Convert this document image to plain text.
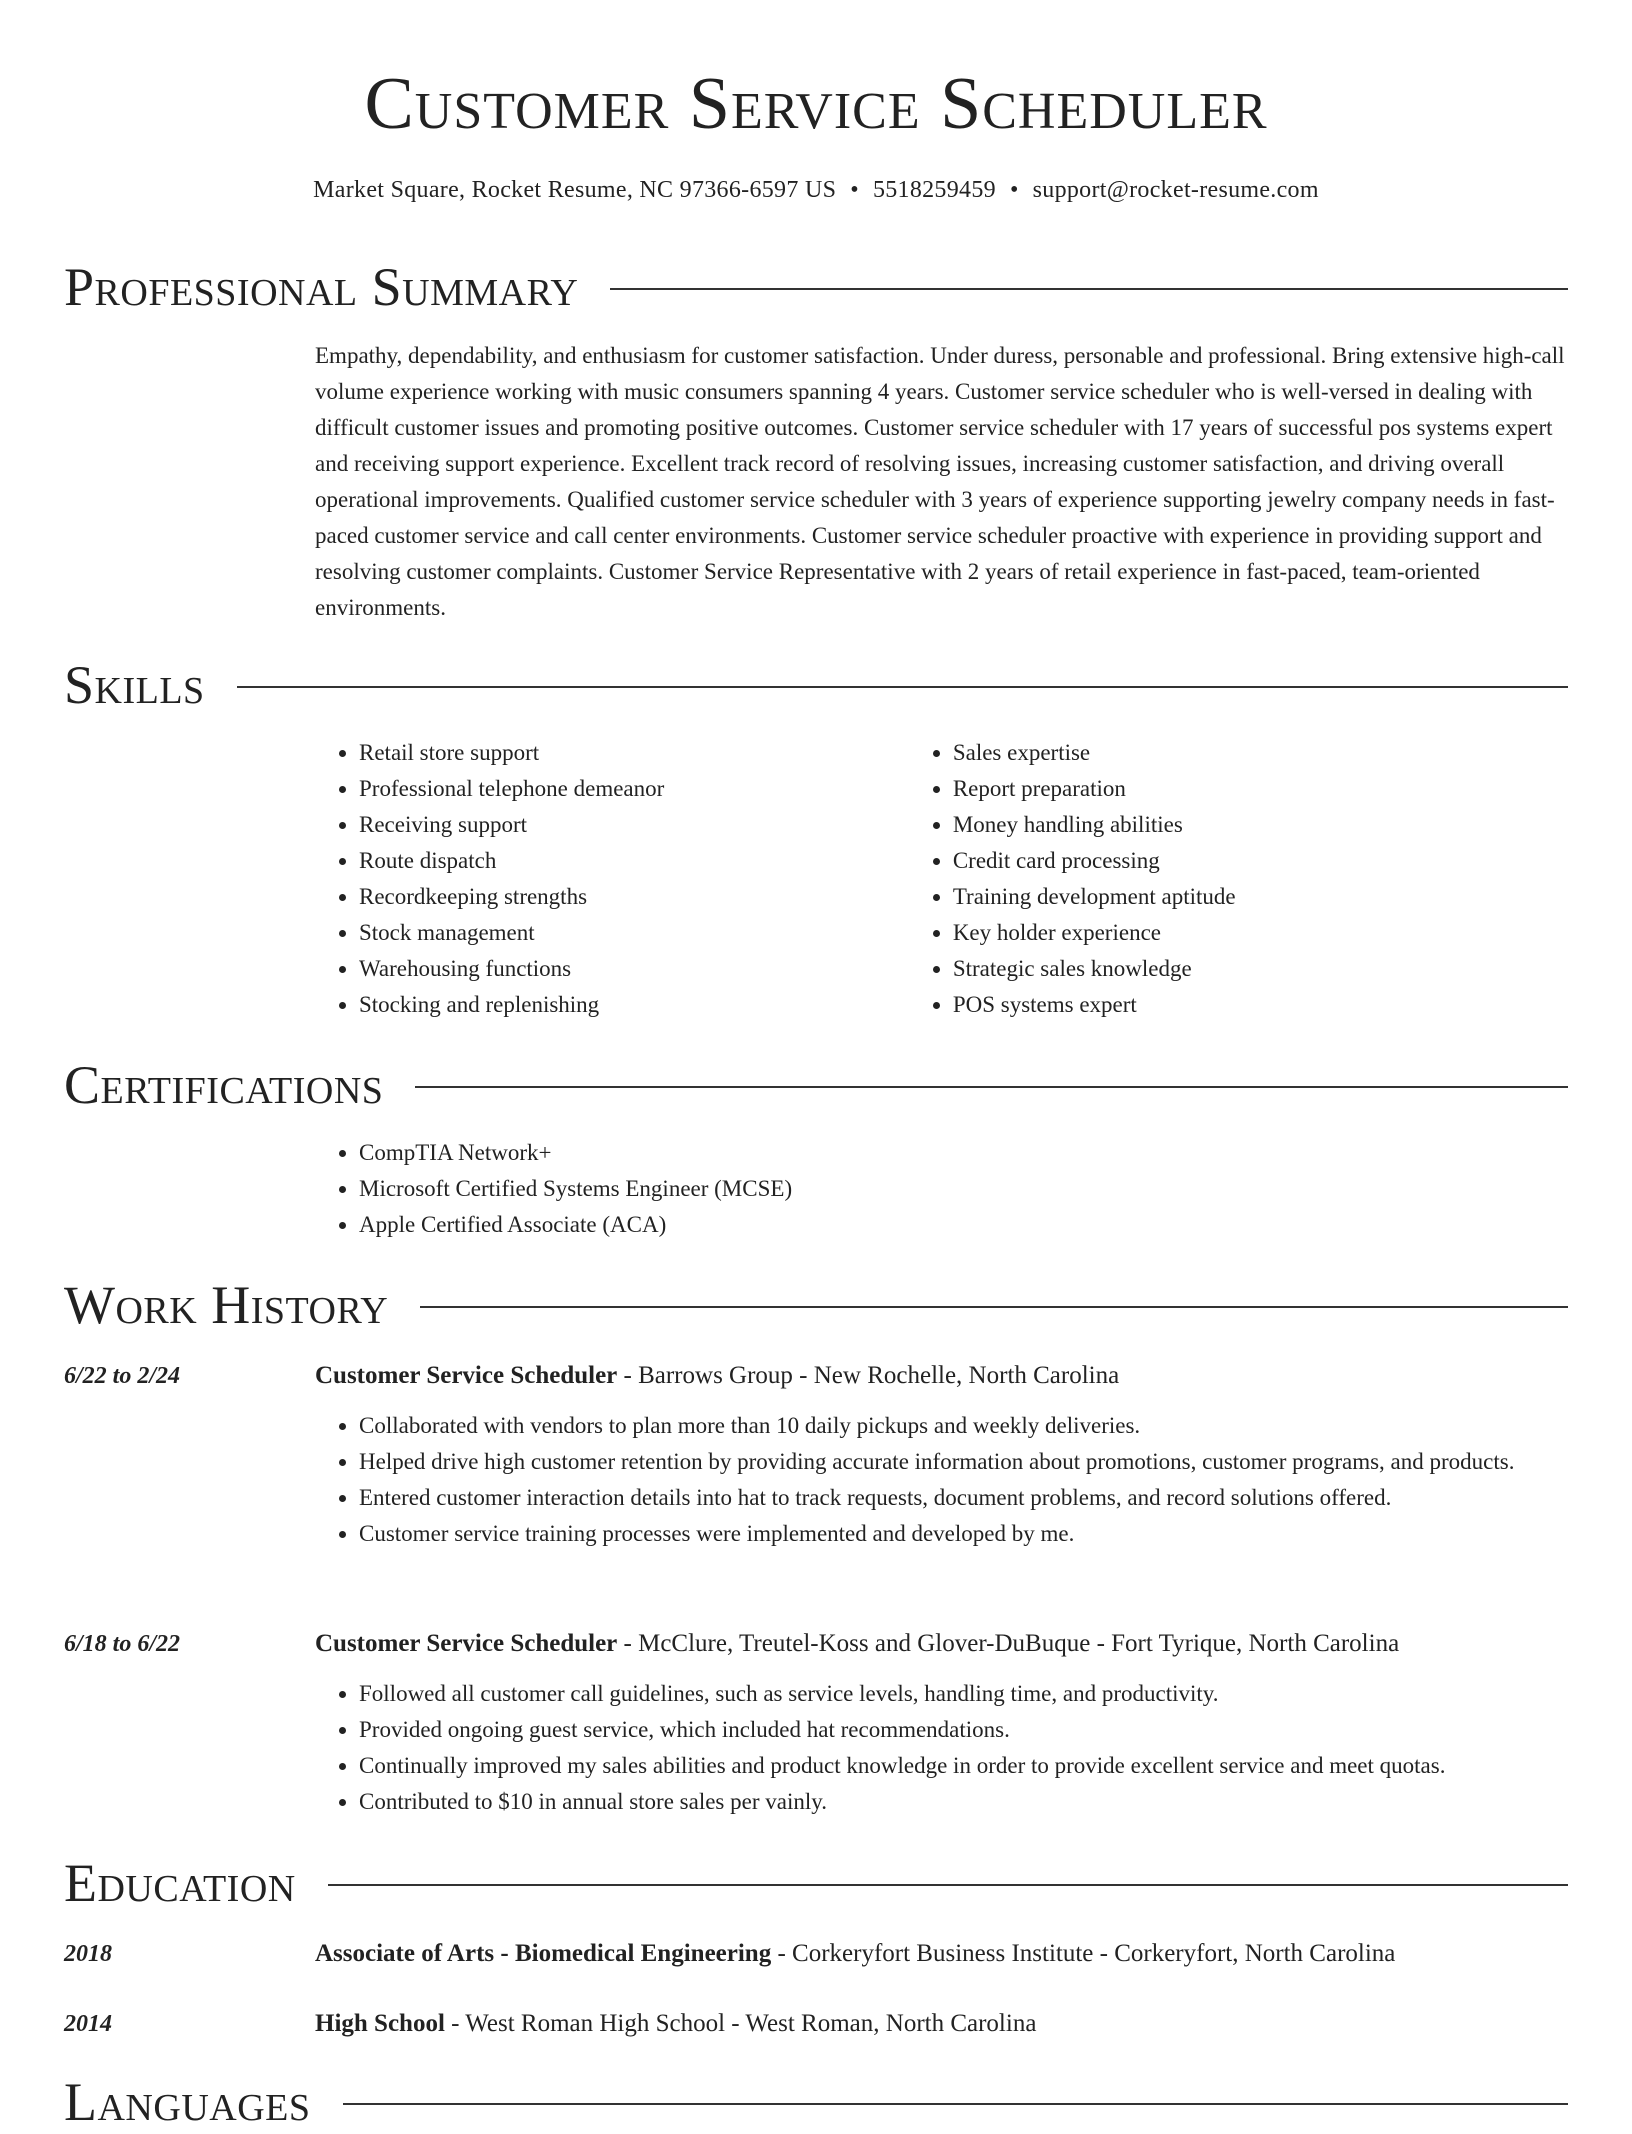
Customer Service Scheduler
Market Square, Rocket Resume, NC 97366-6597 US • 5518259459 • support@rocket-resume.com
Professional Summary

Empathy, dependability, and enthusiasm for customer satisfaction. Under duress, personable and professional. Bring extensive high-call volume experience working with music consumers spanning 4 years. Customer service scheduler who is well-versed in dealing with difficult customer issues and promoting positive outcomes. Customer service scheduler with 17 years of successful pos systems expert and receiving support experience. Excellent track record of resolving issues, increasing customer satisfaction, and driving overall operational improvements. Qualified customer service scheduler with 3 years of experience supporting jewelry company needs in fast-paced customer service and call center environments. Customer service scheduler proactive with experience in providing support and resolving customer complaints. Customer Service Representative with 2 years of retail experience in fast-paced, team-oriented environments.

Skills
• Retail store support
• Professional telephone demeanor
• Receiving support
• Route dispatch
• Recordkeeping strengths
• Stock management
• Warehousing functions
• Stocking and replenishing
• Sales expertise
• Report preparation
• Money handling abilities
• Credit card processing
• Training development aptitude
• Key holder experience
• Strategic sales knowledge
• POS systems expert
Certifications
• CompTIA Network+
• Microsoft Certified Systems Engineer (MCSE)
• Apple Certified Associate (ACA)
Work History
6/22 to 2/24	Customer Service Scheduler - Barrows Group - New Rochelle, North Carolina

• Collaborated with vendors to plan more than 10 daily pickups and weekly deliveries.
• Helped drive high customer retention by providing accurate information about promotions, customer programs, and products.
• Entered customer interaction details into hat to track requests, document problems, and record solutions offered.
• Customer service training processes were implemented and developed by me.
6/18 to 6/22	Customer Service Scheduler - McClure, Treutel-Koss and Glover-DuBuque - Fort Tyrique, North Carolina

• Followed all customer call guidelines, such as service levels, handling time, and productivity.
• Provided ongoing guest service, which included hat recommendations.
• Continually improved my sales abilities and product knowledge in order to provide excellent service and meet quotas.
• Contributed to $10 in annual store sales per vainly.
Education
2018	Associate of Arts - Biomedical Engineering - Corkeryfort Business Institute - Corkeryfort, North Carolina

2014	High School - West Roman High School - West Roman, North Carolina

Languages
